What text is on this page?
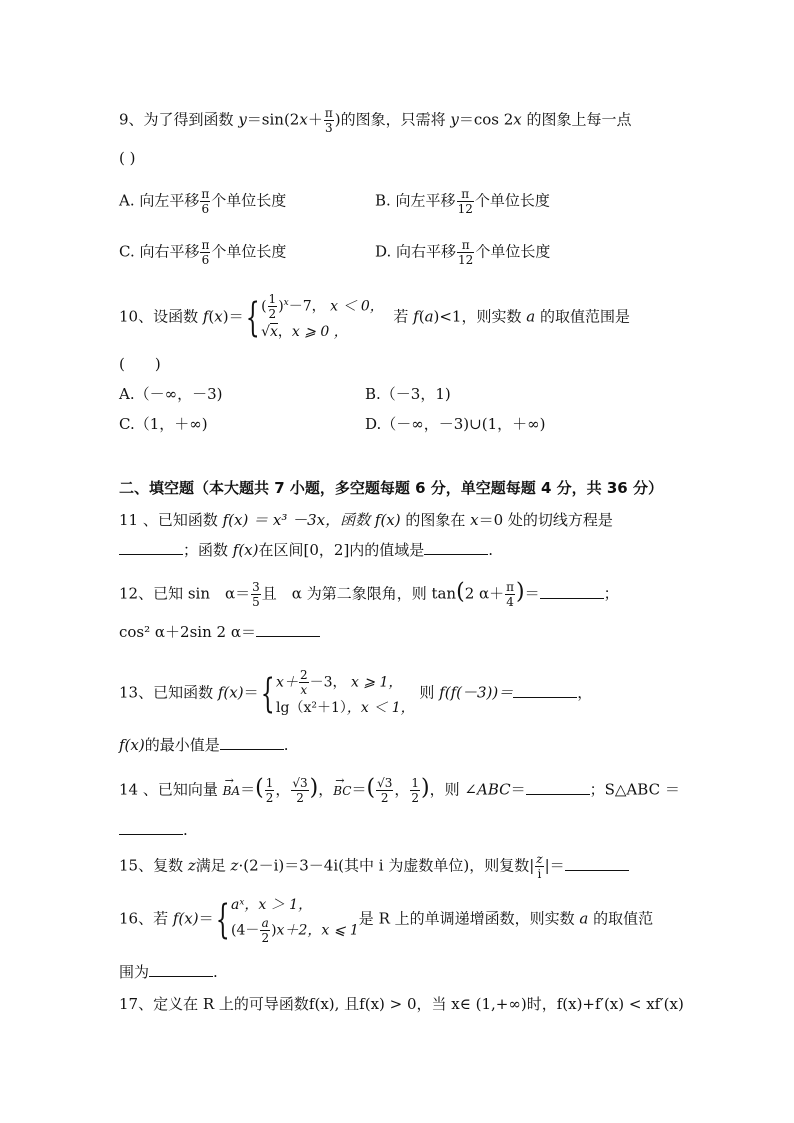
9、为了得到函数 $y=\sin(2x+ \frac{\pi}{3}$ )的图象，只需将 y＝cos 2x 的图象上每一点
( )
A. 向左平移 $\frac{\pi}{6}$ 个单位长度	B. 向左平移 $\frac{\pi}{12}$ 个单位长度
C. 向右平移 $\frac{\pi}{6}$ 个单位长度	D. 向右平移 $\frac{\pi}{12}$ 个单位长度
10、设函数 f(x)＝{ ( $\frac{1}{2} )^x-7$， x ＜ 0，
√x，x ⩾ 0 ，
若 f(a)<1，则实数 a 的取值范围是
(　　)
A.（－∞，－3)	B.（－3，1)
C.（1，＋∞)	D.（－∞，－3)∪(1，＋∞)
二、填空题（本大题共 7 小题，多空题每题 6 分，单空题每题 4 分，共 36 分）
11 、已知函数 f(x) ＝ x³ －3x，函数 f(x) 的图象在 x＝0 处的切线方程是
；函数 f(x)在区间[0，2]内的值域是	.
12、已知 sin　$\alpha= \frac{3}{5}$ 且　α 为第二象限角，则 tan(2 $\alpha+ \frac{\pi}{4}$ )＝	；
cos² α＋2sin 2 α＝
13、已知函数 f(x)＝{ $x+ \frac{2}{x} -3$， x ⩾ 1，
lg（x²＋1），x ＜ 1，
则 f(f(－3))＝	，
f(x)的最小值是	.
14 、已知向量 → $BA=( \frac{1}{2}$ ， $\frac{√3}{2}$ )，→ $BC=( \frac{√3}{2}$ ， $\frac{1}{2}$ )，则 ∠ABC＝	；S△ABC ＝
.
15、复数 z满足 z·(2－i)＝3－4i(其中 i 为虚数单位)，则复数| $\frac{z}{i}$ |＝
16、若 f(x)＝{ aˣ，x ＞ 1，
$(4- \frac{a}{2} )x+2$，x ⩽ 1
是 R 上的单调递增函数，则实数 a 的取值范
围为	.
17、定义在 R 上的可导函数f(x), 且f(x) > 0，当 x∈ (1,+∞)时，f(x)+f′(x) < xf′(x)
